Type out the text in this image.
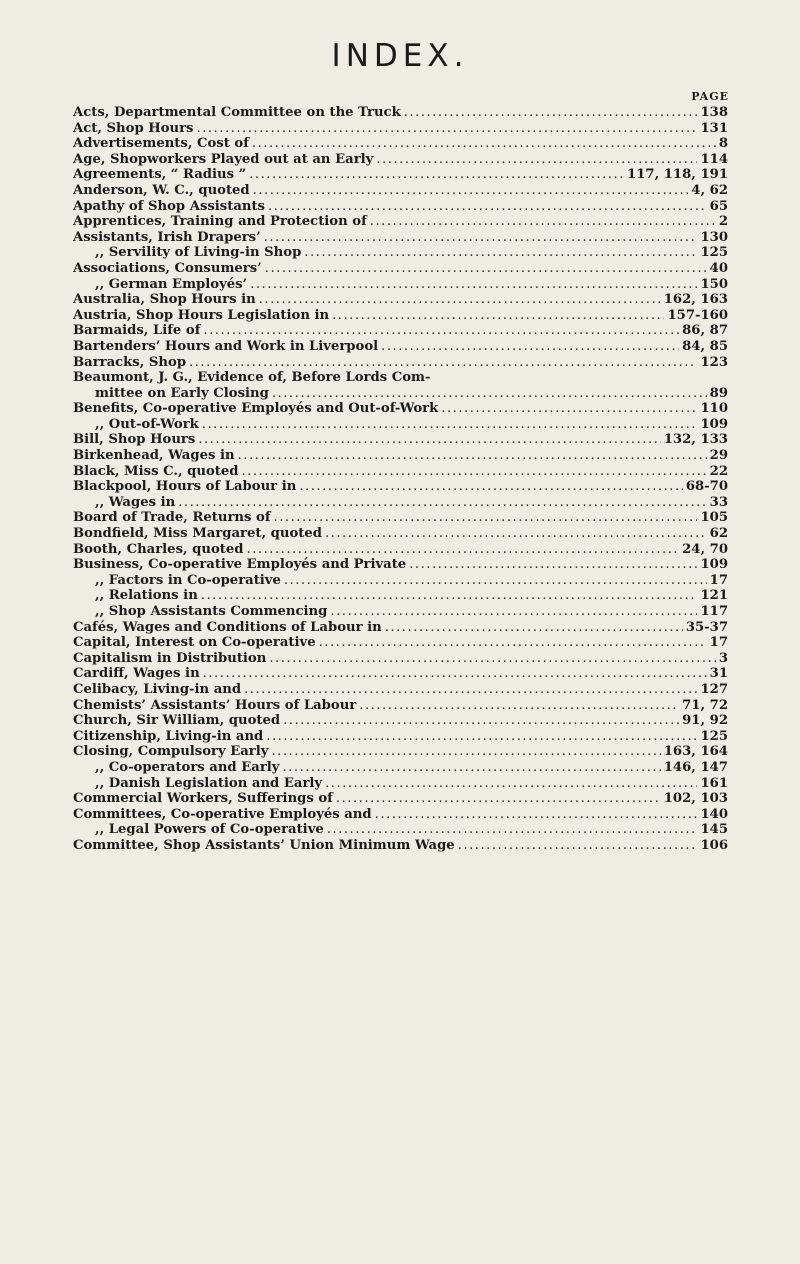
INDEX.
PAGE
Acts, Departmental Committee on the Truck .....	138
Act, Shop Hours .....	131
Advertisements, Cost of .....	8
Age, Shopworkers Played out at an Early .....	114
Agreements, “ Radius ” .....	117, 118, 191
Anderson, W. C., quoted .....	4, 62
Apathy of Shop Assistants .....	65
Apprentices, Training and Protection of .....	2
Assistants, Irish Drapers’ .....	130
,, Servility of Living-in Shop .....	125
Associations, Consumers’ .....	40
,, German Employés’ .....	150
Australia, Shop Hours in .....	162, 163
Austria, Shop Hours Legislation in .....	157-160
Barmaids, Life of .....	86, 87
Bartenders’ Hours and Work in Liverpool .....	84, 85
Barracks, Shop .....	123
Beaumont, J. G., Evidence of, Before Lords Com-
mittee on Early Closing .....	89
Benefits, Co-operative Employés and Out-of-Work .....	110
,, Out-of-Work .....	109
Bill, Shop Hours .....	132, 133
Birkenhead, Wages in .....	29
Black, Miss C., quoted .....	22
Blackpool, Hours of Labour in .....	68-70
,, Wages in .....	33
Board of Trade, Returns of .....	105
Bondfield, Miss Margaret, quoted .....	62
Booth, Charles, quoted .....	24, 70
Business, Co-operative Employés and Private .....	109
,, Factors in Co-operative .....	17
,, Relations in .....	121
,, Shop Assistants Commencing .....	117
Cafés, Wages and Conditions of Labour in .....	35-37
Capital, Interest on Co-operative .....	17
Capitalism in Distribution .....	3
Cardiff, Wages in .....	31
Celibacy, Living-in and .....	127
Chemists’ Assistants’ Hours of Labour .....	71, 72
Church, Sir William, quoted .....	91, 92
Citizenship, Living-in and .....	125
Closing, Compulsory Early .....	163, 164
,, Co-operators and Early .....	146, 147
,, Danish Legislation and Early .....	161
Commercial Workers, Sufferings of .....	102, 103
Committees, Co-operative Employés and .....	140
,, Legal Powers of Co-operative .....	145
Committee, Shop Assistants’ Union Minimum Wage .....	106
